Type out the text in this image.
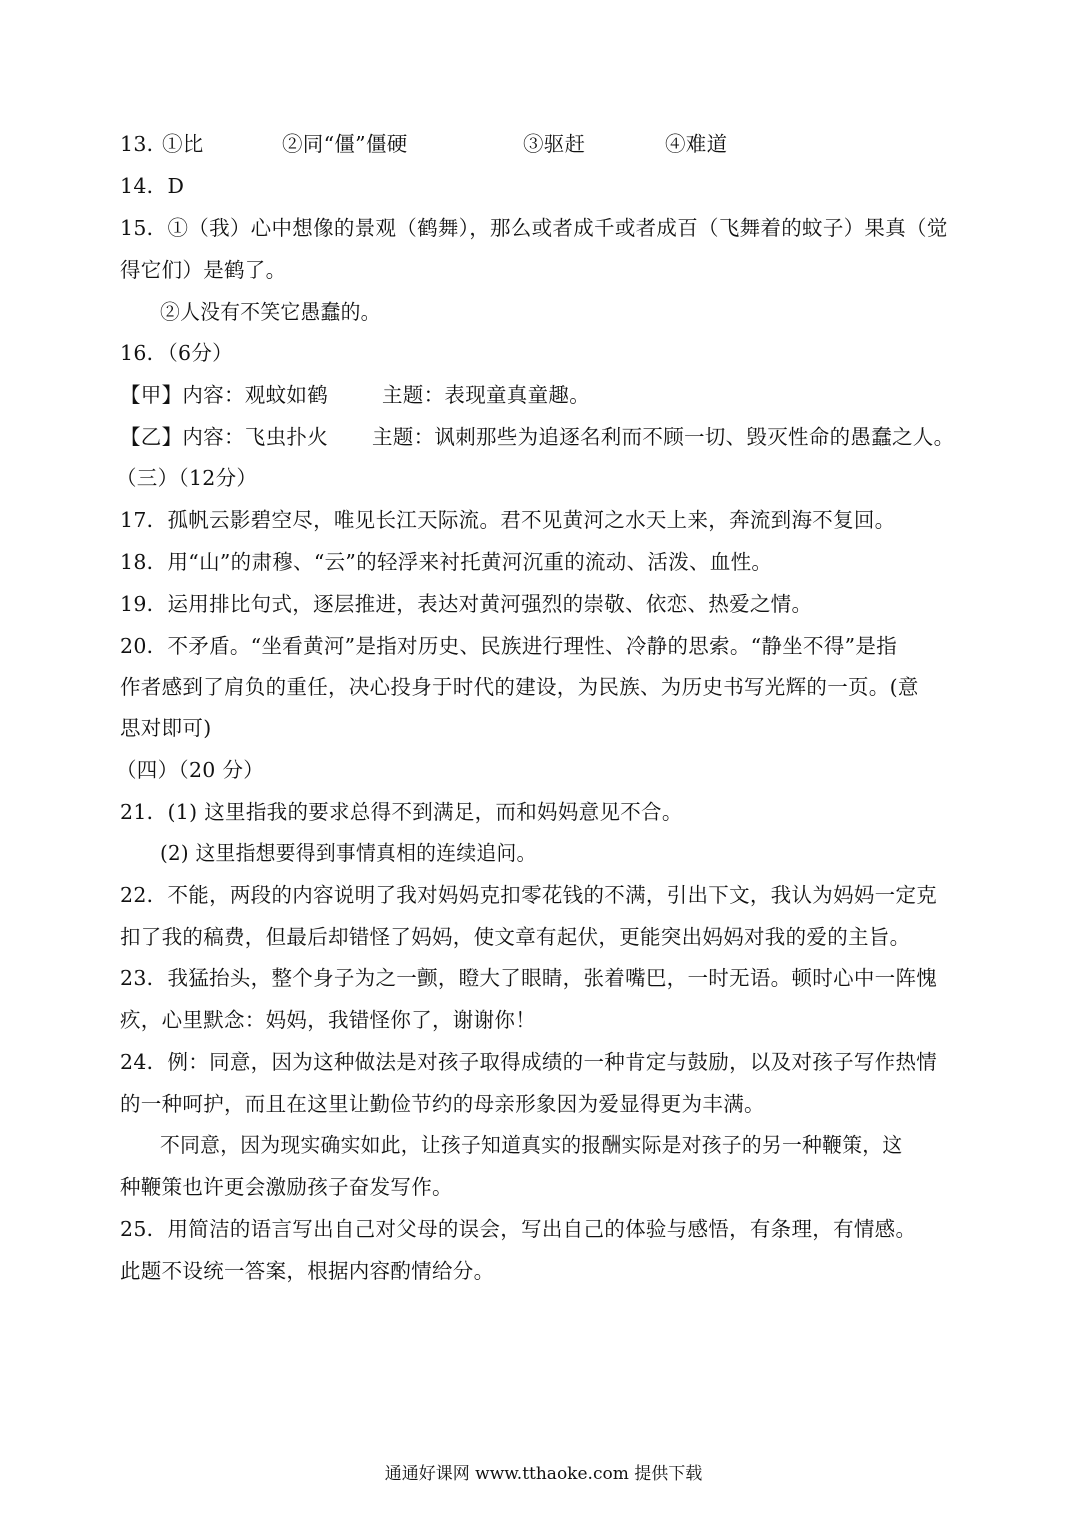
13．
①比	②同“僵”僵硬	③驱赶	④难道
14．D
15．①（我）心中想像的景观（鹤舞），那么或者成千或者成百（飞舞着的蚊子）果真（觉
得它们）是鹤了。
②人没有不笑它愚蠢的。
16．（6分）
【甲】内容：观蚊如鹤	主题：表现童真童趣。
【乙】内容：飞虫扑火 主题：讽刺那些为追逐名利而不顾一切、毁灭性命的愚蠢之人。
（三）（12分）
17．孤帆云影碧空尽，唯见长江天际流。君不见黄河之水天上来，奔流到海不复回。
18．用“山”的肃穆、“云”的轻浮来衬托黄河沉重的流动、活泼、血性。
19．运用排比句式，逐层推进，表达对黄河强烈的崇敬、依恋、热爱之情。
20．不矛盾。“坐看黄河”是指对历史、民族进行理性、冷静的思索。“静坐不得”是指
作者感到了肩负的重任，决心投身于时代的建设，为民族、为历史书写光辉的一页。(意
思对即可)
（四）（20 分）
21．(1) 这里指我的要求总得不到满足，而和妈妈意见不合。
(2) 这里指想要得到事情真相的连续追问。
22．不能，两段的内容说明了我对妈妈克扣零花钱的不满，引出下文，我认为妈妈一定克
扣了我的稿费，但最后却错怪了妈妈，使文章有起伏，更能突出妈妈对我的爱的主旨。
23．我猛抬头，整个身子为之一颤，瞪大了眼睛，张着嘴巴，一时无语。顿时心中一阵愧
疚，心里默念：妈妈，我错怪你了，谢谢你！
24．例：同意，因为这种做法是对孩子取得成绩的一种肯定与鼓励，以及对孩子写作热情
的一种呵护，而且在这里让勤俭节约的母亲形象因为爱显得更为丰满。
不同意，因为现实确实如此，让孩子知道真实的报酬实际是对孩子的另一种鞭策，这
种鞭策也许更会激励孩子奋发写作。
25．用简洁的语言写出自己对父母的误会，写出自己的体验与感悟，有条理，有情感。
此题不设统一答案，根据内容酌情给分。
通通好课网 www.tthaoke.com 提供下载
